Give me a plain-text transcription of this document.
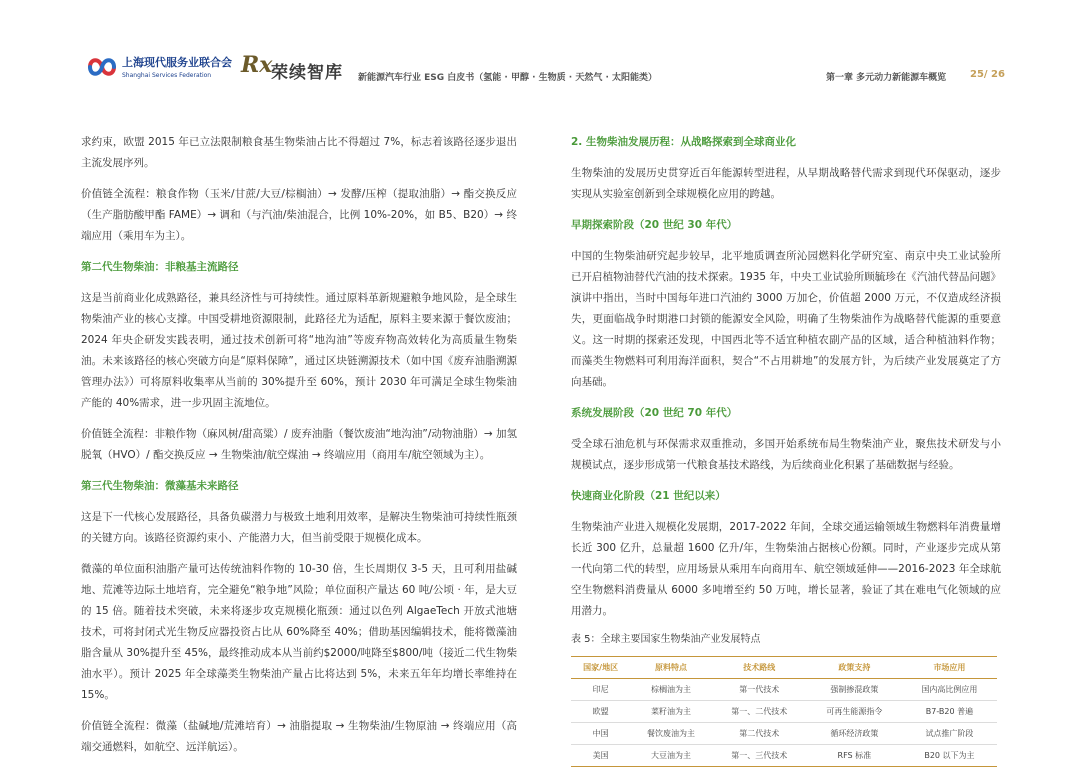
上海现代服务业联合会
Shanghai Services Federation Rx
荣续智库 新能源汽车行业 ESG 白皮书（氢能 · 甲醇 · 生物质 · 天然气 · 太阳能类）	第一章 多元动力新能源车概览 25/ 26

求约束，欧盟 2015 年已立法限制粮食基生物柴油占比不得超过 7%，标志着该路径逐步退出主流发展序列。

价值链全流程：粮食作物（玉米/甘蔗/大豆/棕榈油）→ 发酵/压榨（提取油脂）→ 酯交换反应（生产脂肪酸甲酯 FAME）→ 调和（与汽油/柴油混合，比例 10%-20%，如 B5、B20）→ 终端应用（乘用车为主）。

第二代生物柴油：非粮基主流路径

这是当前商业化成熟路径，兼具经济性与可持续性。通过原料革新规避粮争地风险，是全球生物柴油产业的核心支撑。中国受耕地资源限制，此路径尤为适配，原料主要来源于餐饮废油；2024 年央企研发实践表明，通过技术创新可将“地沟油”等废弃物高效转化为高质量生物柴油。未来该路径的核心突破方向是“原料保障”，通过区块链溯源技术（如中国《废弃油脂溯源管理办法》）可将原料收集率从当前的 30%提升至 60%，预计 2030 年可满足全球生物柴油产能的 40%需求，进一步巩固主流地位。

价值链全流程：非粮作物（麻风树/甜高粱）/ 废弃油脂（餐饮废油“地沟油”/动物油脂）→ 加氢脱氧（HVO）/ 酯交换反应 → 生物柴油/航空煤油 → 终端应用（商用车/航空领域为主）。

第三代生物柴油：微藻基未来路径

这是下一代核心发展路径，具备负碳潜力与极致土地利用效率，是解决生物柴油可持续性瓶颈的关键方向。该路径资源约束小、产能潜力大，但当前受限于规模化成本。

微藻的单位面积油脂产量可达传统油料作物的 10-30 倍，生长周期仅 3-5 天，且可利用盐碱地、荒滩等边际土地培育，完全避免“粮争地”风险；单位面积产量达 60 吨/公顷 · 年，是大豆的 15 倍。随着技术突破，未来将逐步攻克规模化瓶颈：通过以色列 AlgaeTech 开放式池塘技术，可将封闭式光生物反应器投资占比从 60%降至 40%；借助基因编辑技术，能将微藻油脂含量从 30%提升至 45%，最终推动成本从当前约$2000/吨降至$800/吨（接近二代生物柴油水平）。预计 2025 年全球藻类生物柴油产量占比将达到 5%，未来五年年均增长率维持在 15%。

价值链全流程：微藻（盐碱地/荒滩培育）→ 油脂提取 → 生物柴油/生物原油 → 终端应用（高端交通燃料，如航空、远洋航运）。

2. 生物柴油发展历程：从战略探索到全球商业化

生物柴油的发展历史贯穿近百年能源转型进程，从早期战略替代需求到现代环保驱动，逐步实现从实验室创新到全球规模化应用的跨越。

早期探索阶段（20 世纪 30 年代）

中国的生物柴油研究起步较早，北平地质调查所沁园燃料化学研究室、南京中央工业试验所已开启植物油替代汽油的技术探索。1935 年，中央工业试验所顾毓珍在《汽油代替品问题》演讲中指出，当时中国每年进口汽油约 3000 万加仑，价值超 2000 万元，不仅造成经济损失，更面临战争时期港口封锁的能源安全风险，明确了生物柴油作为战略替代能源的重要意义。这一时期的探索还发现，中国西北等不适宜种植农副产品的区域，适合种植油料作物；而藻类生物燃料可利用海洋面积，契合“不占用耕地”的发展方针，为后续产业发展奠定了方向基础。

系统发展阶段（20 世纪 70 年代）

受全球石油危机与环保需求双重推动，多国开始系统布局生物柴油产业，聚焦技术研发与小规模试点，逐步形成第一代粮食基技术路线，为后续商业化积累了基础数据与经验。

快速商业化阶段（21 世纪以来）

生物柴油产业进入规模化发展期，2017-2022 年间，全球交通运输领域生物燃料年消费量增长近 300 亿升，总量超 1600 亿升/年，生物柴油占据核心份额。同时，产业逐步完成从第一代向第二代的转型，应用场景从乘用车向商用车、航空领域延伸——2016-2023 年全球航空生物燃料消费量从 6000 多吨增至约 50 万吨，增长显著，验证了其在难电气化领域的应用潜力。

表 5：全球主要国家生物柴油产业发展特点
国家/地区	原料特点	技术路线	政策支持	市场应用
印尼	棕榈油为主	第一代技术	强制掺混政策	国内高比例应用
欧盟	菜籽油为主	第一、二代技术	可再生能源指令	B7-B20 普遍
中国	餐饮废油为主	第二代技术	循环经济政策	试点推广阶段
美国	大豆油为主	第一、三代技术	RFS 标准	B20 以下为主
